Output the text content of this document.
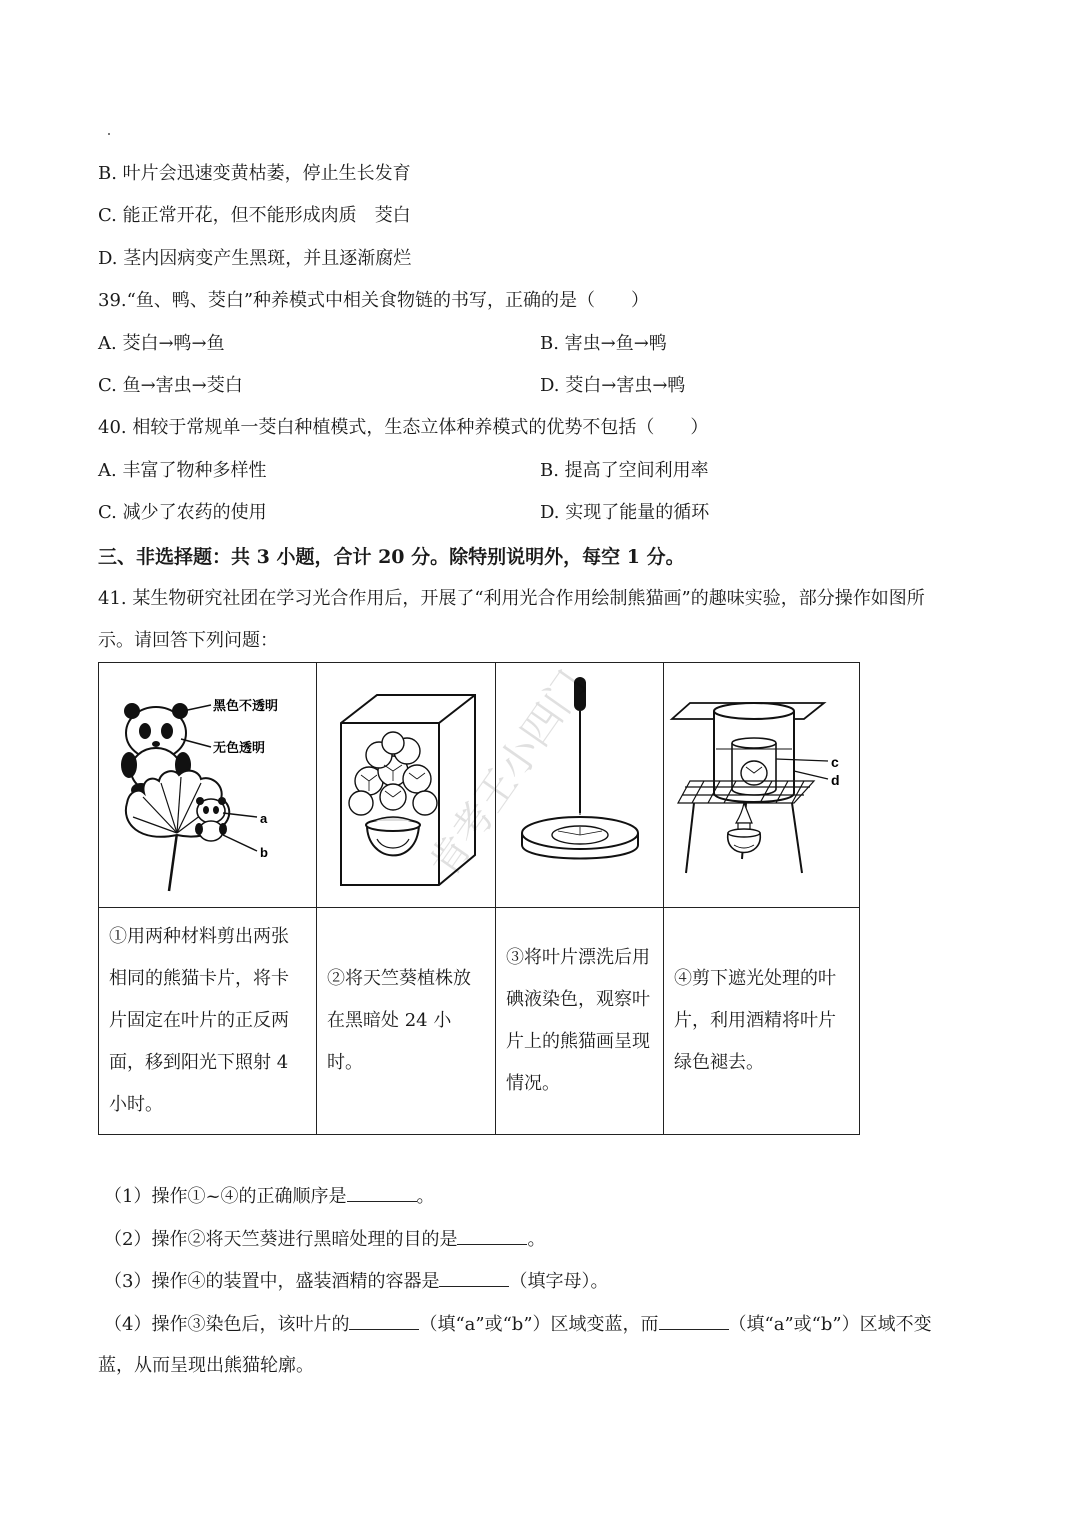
B. 叶片会迅速变黄枯萎，停止生长发育
C. 能正常开花，但不能形成肉质　茭白
D. 茎内因病变产生黑斑，并且逐渐腐烂
39.“鱼、鸭、茭白”种养模式中相关食物链的书写，正确的是（　　）
A. 茭白→鸭→鱼	B. 害虫→鱼→鸭
C. 鱼→害虫→茭白	D. 茭白→害虫→鸭
40. 相较于常规单一茭白种植模式，生态立体种养模式的优势不包括（　　）
A. 丰富了物种多样性	B. 提高了空间利用率
C. 减少了农药的使用	D. 实现了能量的循环
三、非选择题：共 3 小题，合计 20 分。除特别说明外，每空 1 分。
41. 某生物研究社团在学习光合作用后，开展了“利用光合作用绘制熊猫画”的趣味实验，部分操作如图所
示。请回答下列问题：
黑色不透明
无色透明
a
b			c
d

①用两种材料剪出两张相同的熊猫卡片，将卡片固定在叶片的正反两面，移到阳光下照射 4 小时。	②将天竺葵植株放在黑暗处 24 小时。	③将叶片漂洗后用碘液染色，观察叶片上的熊猫画呈现情况。	④剪下遮光处理的叶片，利用酒精将叶片绿色褪去。
肯考王小四门
（1）操作①~④的正确顺序是	。
（2）操作②将天竺葵进行黑暗处理的目的是	。
（3）操作④的装置中，盛装酒精的容器是	（填字母）。
（4）操作③染色后，该叶片的	（填“a”或“b”）区域变蓝，而	（填“a”或“b”）区域不变
蓝，从而呈现出熊猫轮廓。
